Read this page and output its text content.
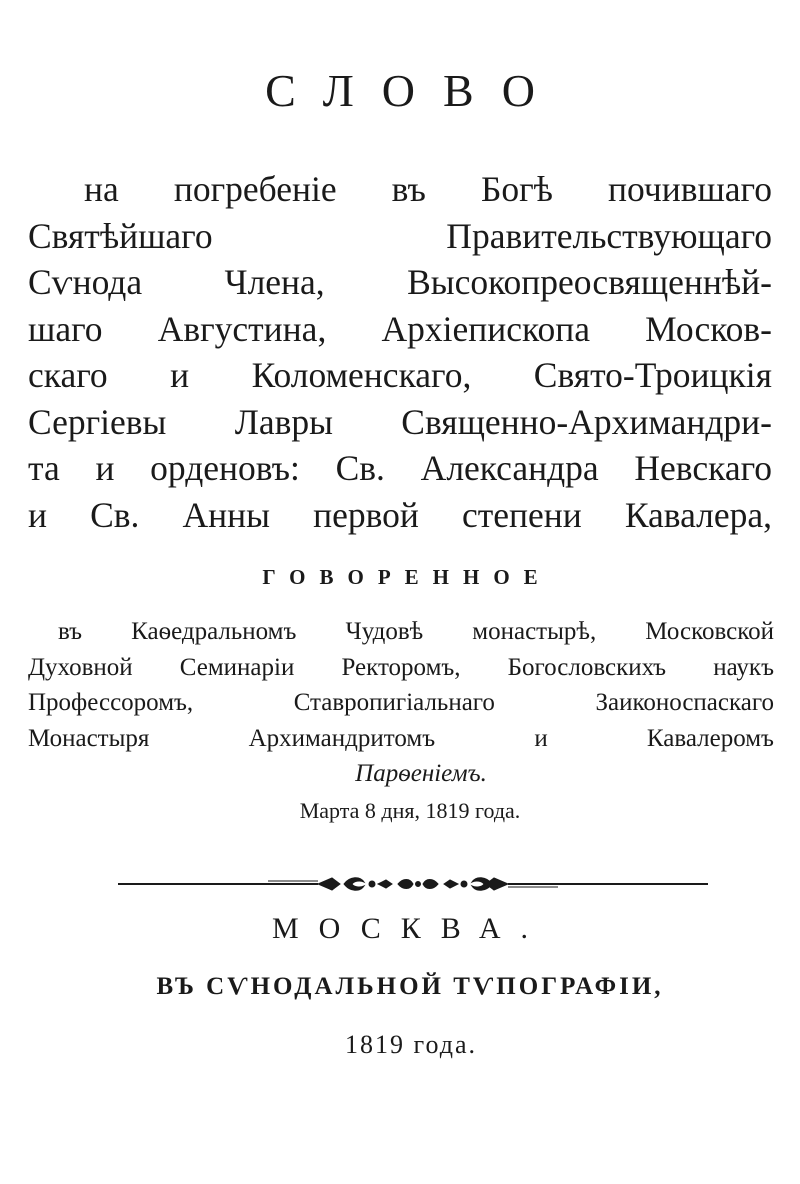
СЛОВО
на погребеніе въ Богѣ почившаго
Святѣйшаго Правительствующаго
Сѵнода Члена, Высокопреосвященнѣй-
шаго Августина, Архіепископа Москов-
скаго и Коломенскаго, Свято-Троицкія
Сергіевы Лавры Священно-Архимандри-
та и орденовъ: Св. Александра Невскаго
и Св. Анны первой степени Кавалера,
ГОВОРЕННОЕ
въ Каѳедральномъ Чудовѣ монастырѣ, Московской
Духовной Семинаріи Ректоромъ, Богословскихъ наукъ
Профессоромъ, Ставропигіальнаго Заиконоспаскаго
Монастыря Архимандритомъ и Кавалеромъ
Парѳеніемъ.
Марта 8 дня, 1819 года.
МОСКВА.
ВЪ СѴНОДАЛЬНОЙ ТѴПОГРАФІИ,
1819 года.
